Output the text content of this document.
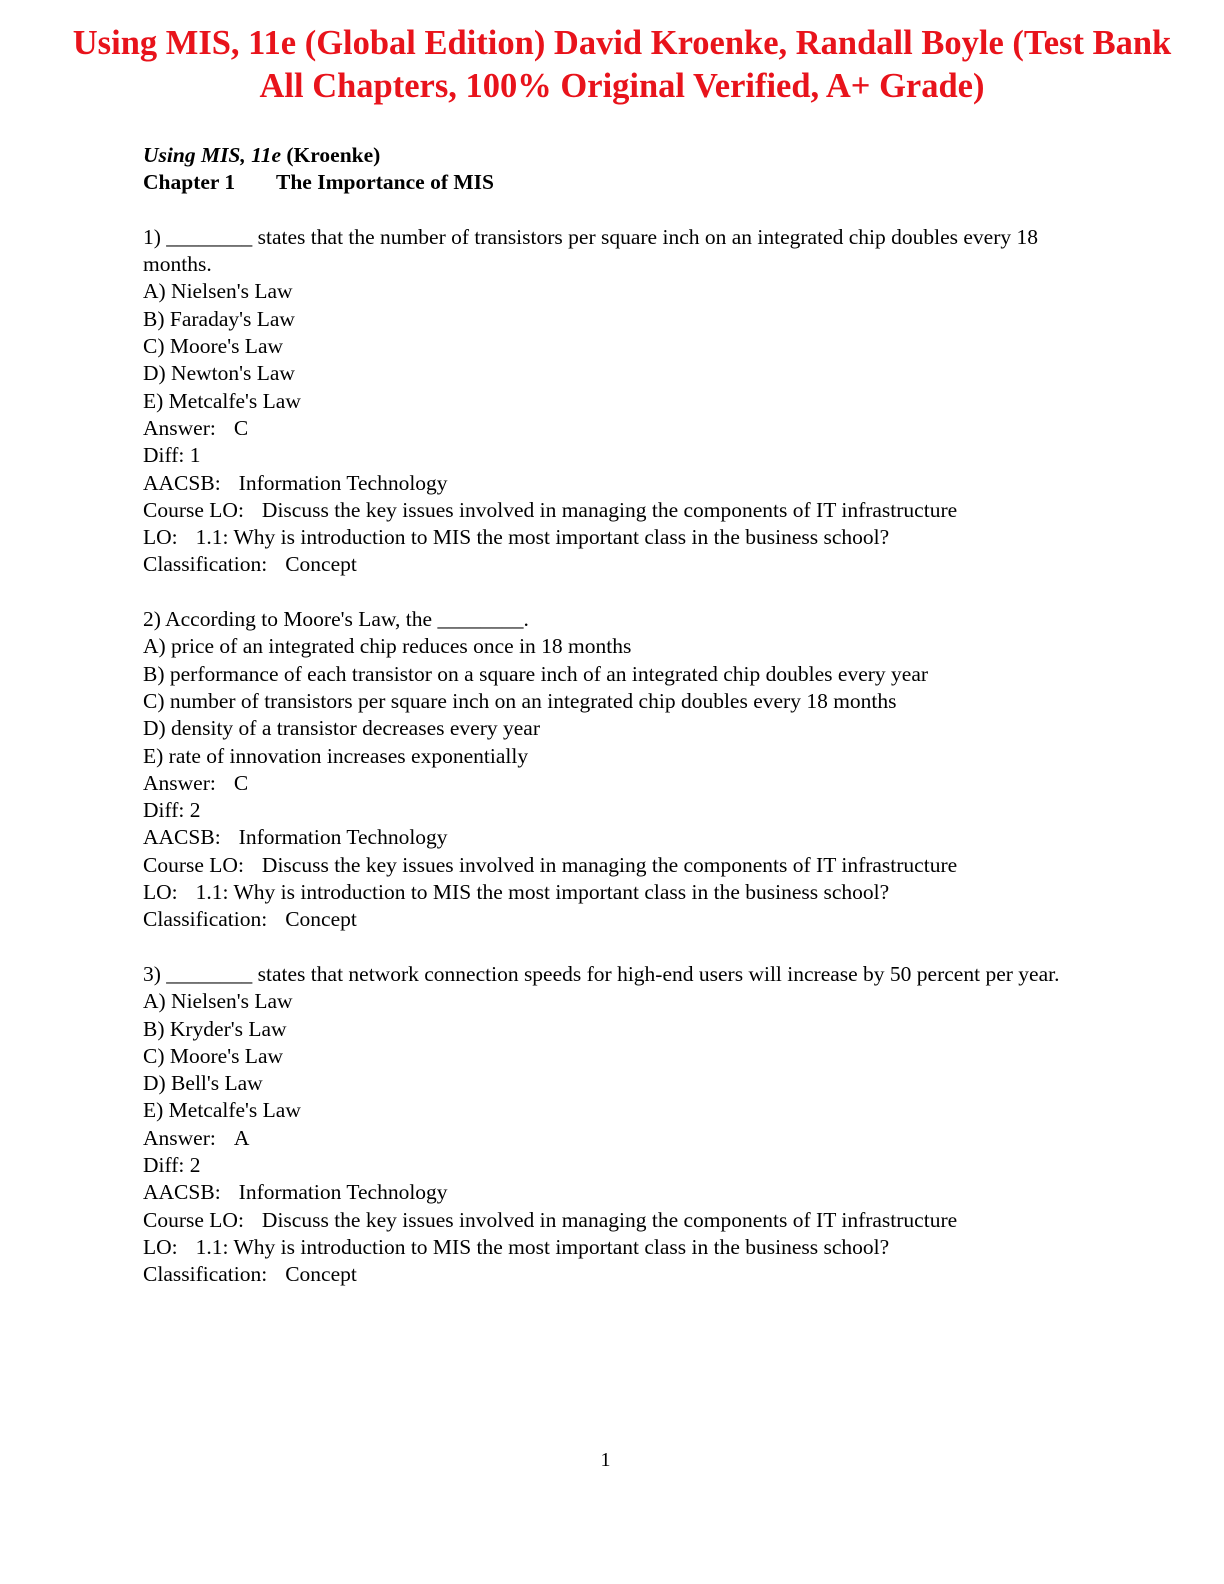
Using MIS, 11e (Global Edition) David Kroenke, Randall Boyle (Test Bank All Chapters, 100% Original Verified, A+ Grade)
Using MIS, 11e (Kroenke)
Chapter 1 The Importance of MIS
1) ________ states that the number of transistors per square inch on an integrated chip doubles every 18 months.
A) Nielsen's Law
B) Faraday's Law
C) Moore's Law
D) Newton's Law
E) Metcalfe's Law
Answer: C
Diff: 1
AACSB: Information Technology
Course LO: Discuss the key issues involved in managing the components of IT infrastructure
LO: 1.1: Why is introduction to MIS the most important class in the business school?
Classification: Concept
2) According to Moore's Law, the ________.
A) price of an integrated chip reduces once in 18 months
B) performance of each transistor on a square inch of an integrated chip doubles every year
C) number of transistors per square inch on an integrated chip doubles every 18 months
D) density of a transistor decreases every year
E) rate of innovation increases exponentially
Answer: C
Diff: 2
AACSB: Information Technology
Course LO: Discuss the key issues involved in managing the components of IT infrastructure
LO: 1.1: Why is introduction to MIS the most important class in the business school?
Classification: Concept
3) ________ states that network connection speeds for high-end users will increase by 50 percent per year.
A) Nielsen's Law
B) Kryder's Law
C) Moore's Law
D) Bell's Law
E) Metcalfe's Law
Answer: A
Diff: 2
AACSB: Information Technology
Course LO: Discuss the key issues involved in managing the components of IT infrastructure
LO: 1.1: Why is introduction to MIS the most important class in the business school?
Classification: Concept
1
